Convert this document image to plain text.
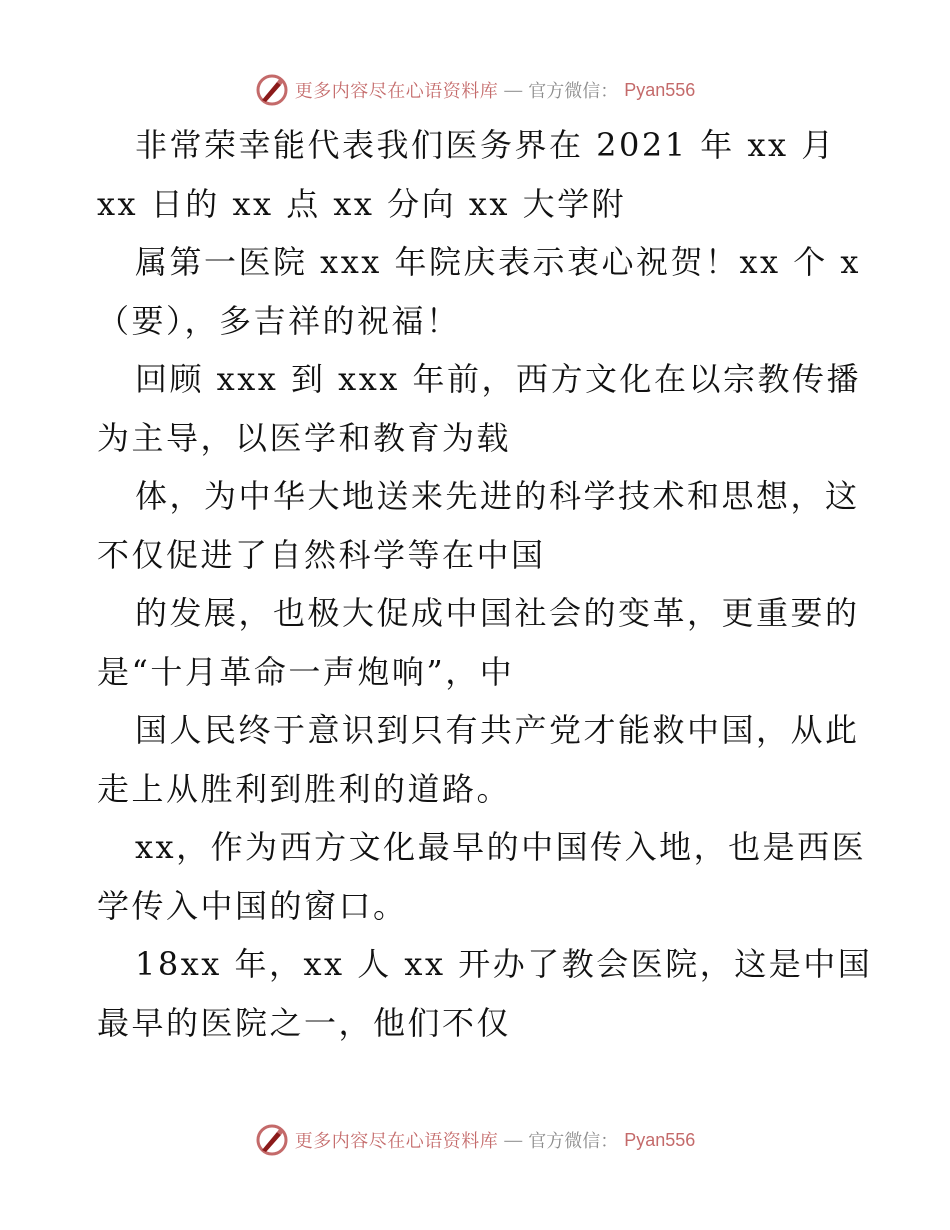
更多内容尽在心语资料库 — 官方微信： Pyan556
非常荣幸能代表我们医务界在 2021 年 xx 月
xx 日的 xx 点 xx 分向 xx 大学附
属第一医院 xxx 年院庆表示衷心祝贺！xx 个 x
（要），多吉祥的祝福！
回顾 xxx 到 xxx 年前，西方文化在以宗教传播
为主导，以医学和教育为载
体，为中华大地送来先进的科学技术和思想，这
不仅促进了自然科学等在中国
的发展，也极大促成中国社会的变革，更重要的
是“十月革命一声炮响”，中
国人民终于意识到只有共产党才能救中国，从此
走上从胜利到胜利的道路。
xx，作为西方文化最早的中国传入地，也是西医
学传入中国的窗口。
18xx 年，xx 人 xx 开办了教会医院，这是中国
最早的医院之一，他们不仅
更多内容尽在心语资料库 — 官方微信： Pyan556
